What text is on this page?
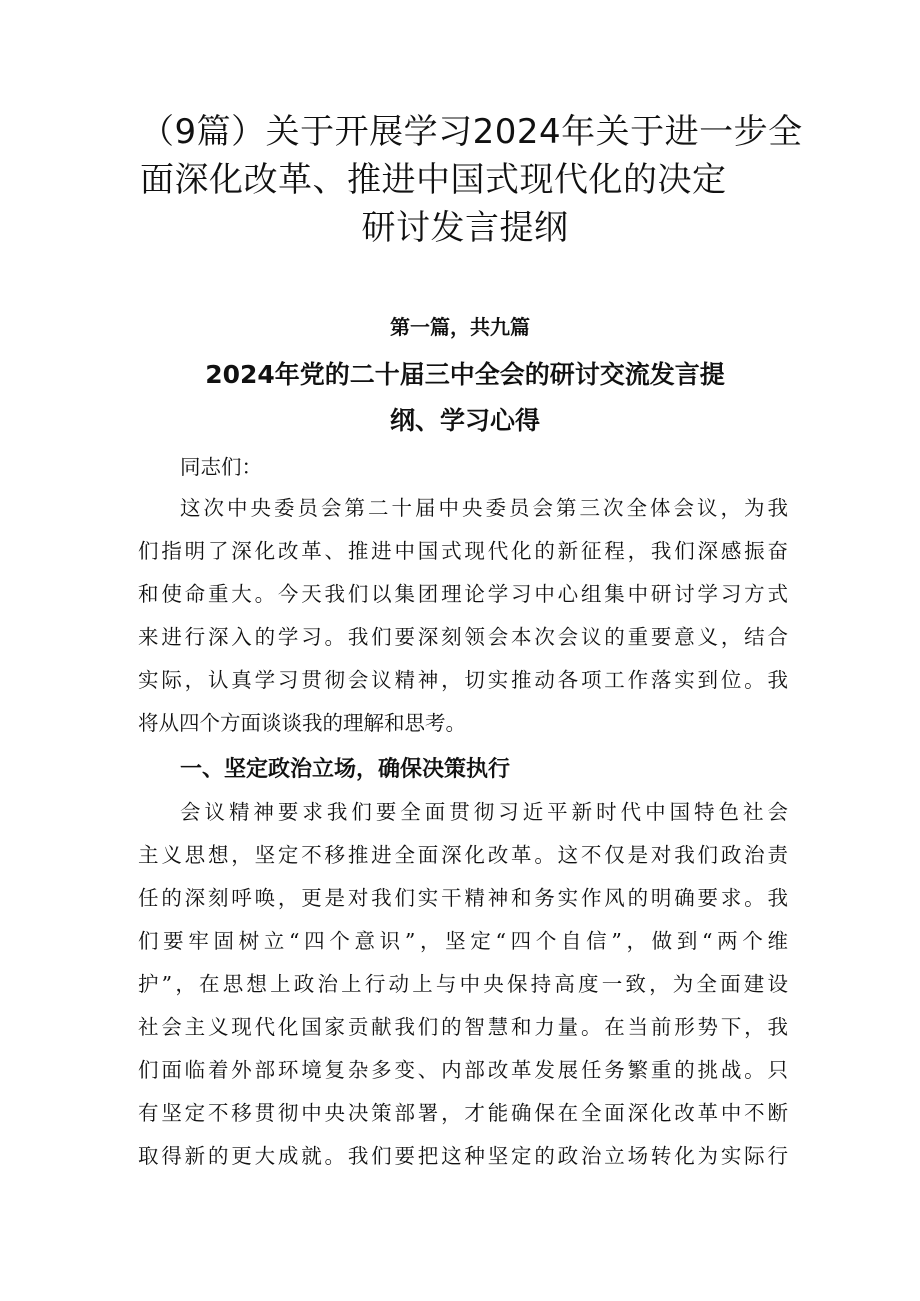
（9篇）关于开展学习2024年关于进一步全
面深化改革、推进中国式现代化的决定
研讨发言提纲
第一篇，共九篇
2024年党的二十届三中全会的研讨交流发言提
纲、学习心得
同志们：
这次中央委员会第二十届中央委员会第三次全体会议，为我
们指明了深化改革、推进中国式现代化的新征程，我们深感振奋
和使命重大。今天我们以集团理论学习中心组集中研讨学习方式
来进行深入的学习。我们要深刻领会本次会议的重要意义，结合
实际，认真学习贯彻会议精神，切实推动各项工作落实到位。我
将从四个方面谈谈我的理解和思考。
一、坚定政治立场，确保决策执行
会议精神要求我们要全面贯彻习近平新时代中国特色社会
主义思想，坚定不移推进全面深化改革。这不仅是对我们政治责
任的深刻呼唤，更是对我们实干精神和务实作风的明确要求。我
们要牢固树立“四个意识”，坚定“四个自信”，做到“两个维
护”，在思想上政治上行动上与中央保持高度一致，为全面建设
社会主义现代化国家贡献我们的智慧和力量。在当前形势下，我
们面临着外部环境复杂多变、内部改革发展任务繁重的挑战。只
有坚定不移贯彻中央决策部署，才能确保在全面深化改革中不断
取得新的更大成就。我们要把这种坚定的政治立场转化为实际行
